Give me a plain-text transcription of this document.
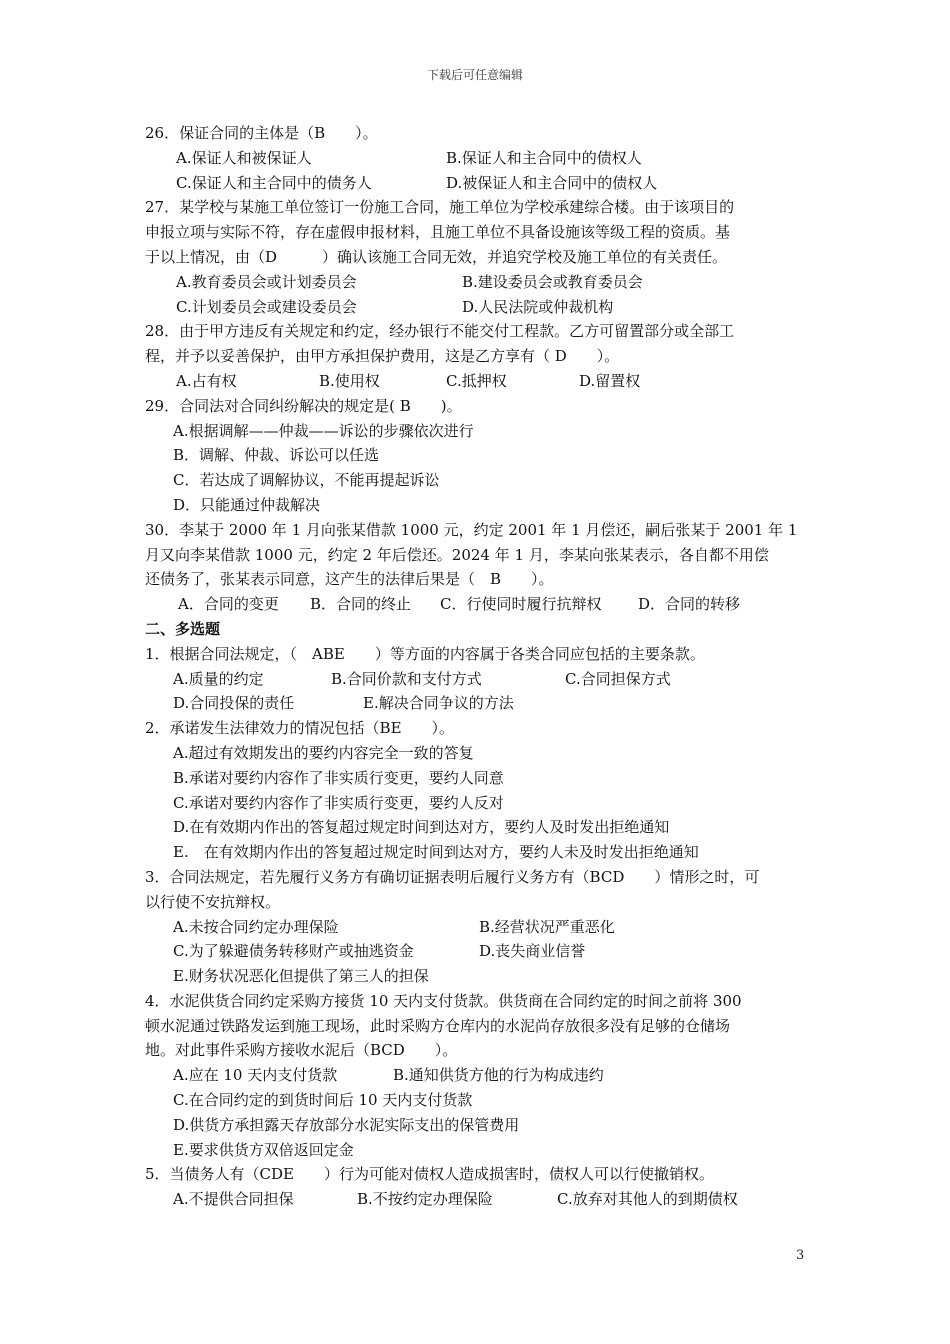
下载后可任意编辑
26．保证合同的主体是（B　　）。
A.保证人和被保证人	B.保证人和主合同中的债权人
C.保证人和主合同中的债务人	D.被保证人和主合同中的债权人
27．某学校与某施工单位签订一份施工合同，施工单位为学校承建综合楼。由于该项目的
申报立项与实际不符，存在虚假申报材料，且施工单位不具备设施该等级工程的资质。基
于以上情况，由（D　　　）确认该施工合同无效，并追究学校及施工单位的有关责任。
A.教育委员会或计划委员会	B.建设委员会或教育委员会
C.计划委员会或建设委员会	D.人民法院或仲裁机构
28．由于甲方违反有关规定和约定，经办银行不能交付工程款。乙方可留置部分或全部工
程，并予以妥善保护，由甲方承担保护费用，这是乙方享有（ D　　）。
A.占有权	B.使用权	C.抵押权	D.留置权
29．合同法对合同纠纷解决的规定是( B　　)。
A.根据调解——仲裁——诉讼的步骤依次进行
B．调解、仲裁、诉讼可以任选
C．若达成了调解协议，不能再提起诉讼
D．只能通过仲裁解决
30．李某于 2000 年 1 月向张某借款 1000 元，约定 2001 年 1 月偿还，嗣后张某于 2001 年 1
月又向李某借款 1000 元，约定 2 年后偿还。2024 年 1 月，李某向张某表示，各自都不用偿
还债务了，张某表示同意，这产生的法律后果是（　B　　）。
A．合同的变更 B．合同的终止 C．行使同时履行抗辩权 D．合同的转移
二、多选题
1．根据合同法规定，（　ABE　　）等方面的内容属于各类合同应包括的主要条款。
A.质量的约定	B.合同价款和支付方式	C.合同担保方式
D.合同投保的责任	E.解决合同争议的方法
2．承诺发生法律效力的情况包括（BE　　）。
A.超过有效期发出的要约内容完全一致的答复
B.承诺对要约内容作了非实质行变更，要约人同意
C.承诺对要约内容作了非实质行变更，要约人反对
D.在有效期内作出的答复超过规定时间到达对方，要约人及时发出拒绝通知
E.　在有效期内作出的答复超过规定时间到达对方，要约人未及时发出拒绝通知
3．合同法规定，若先履行义务方有确切证据表明后履行义务方有（BCD　　）情形之时，可
以行使不安抗辩权。
A.未按合同约定办理保险	B.经营状况严重恶化
C.为了躲避债务转移财产或抽逃资金	D.丧失商业信誉
E.财务状况恶化但提供了第三人的担保
4．水泥供货合同约定采购方接货 10 天内支付货款。供货商在合同约定的时间之前将 300
顿水泥通过铁路发运到施工现场，此时采购方仓库内的水泥尚存放很多没有足够的仓储场
地。对此事件采购方接收水泥后（BCD　　）。
A.应在 10 天内支付货款	B.通知供货方他的行为构成违约
C.在合同约定的到货时间后 10 天内支付货款
D.供货方承担露天存放部分水泥实际支出的保管费用
E.要求供货方双倍返回定金
5．当债务人有（CDE　　）行为可能对债权人造成损害时，债权人可以行使撤销权。
A.不提供合同担保	B.不按约定办理保险	C.放弃对其他人的到期债权
3
